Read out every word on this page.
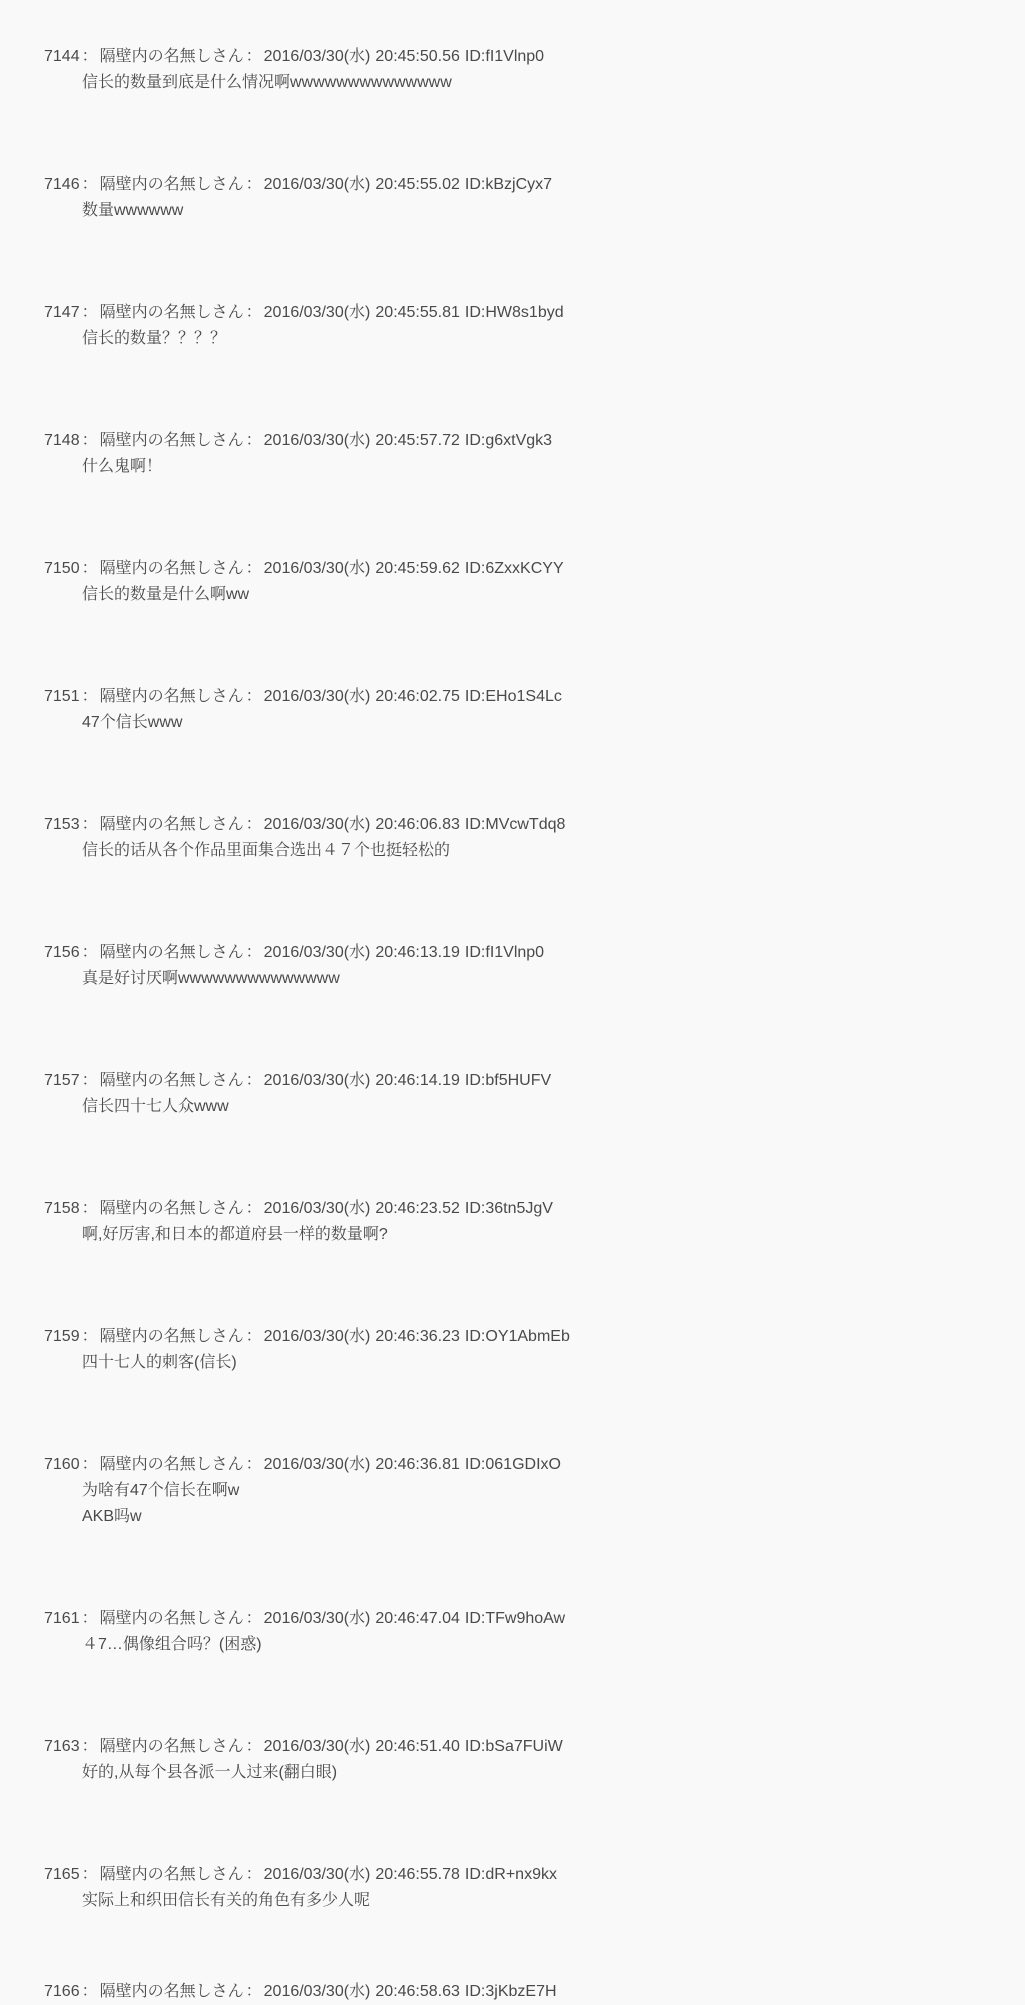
7144 ： 隔壁内の名無しさん ： 2016/03/30(水) 20:45:50.56 ID:fI1Vlnp0
信长的数量到底是什么情况啊wwwwwwwwwwwwww
7146 ： 隔壁内の名無しさん ： 2016/03/30(水) 20:45:55.02 ID:kBzjCyx7
数量wwwwww
7147 ： 隔壁内の名無しさん ： 2016/03/30(水) 20:45:55.81 ID:HW8s1byd
信长的数量？？？？
7148 ： 隔壁内の名無しさん ： 2016/03/30(水) 20:45:57.72 ID:g6xtVgk3
什么鬼啊！
7150 ： 隔壁内の名無しさん ： 2016/03/30(水) 20:45:59.62 ID:6ZxxKCYY
信长的数量是什么啊ww
7151 ： 隔壁内の名無しさん ： 2016/03/30(水) 20:46:02.75 ID:EHo1S4Lc
47个信长www
7153 ： 隔壁内の名無しさん ： 2016/03/30(水) 20:46:06.83 ID:MVcwTdq8
信长的话从各个作品里面集合选出４７个也挺轻松的
7156 ： 隔壁内の名無しさん ： 2016/03/30(水) 20:46:13.19 ID:fI1Vlnp0
真是好讨厌啊wwwwwwwwwwwwww
7157 ： 隔壁内の名無しさん ： 2016/03/30(水) 20:46:14.19 ID:bf5HUFV
信长四十七人众www
7158 ： 隔壁内の名無しさん ： 2016/03/30(水) 20:46:23.52 ID:36tn5JgV
啊,好厉害,和日本的都道府县一样的数量啊?
7159 ： 隔壁内の名無しさん ： 2016/03/30(水) 20:46:36.23 ID:OY1AbmEb
四十七人的刺客(信长)
7160 ： 隔壁内の名無しさん ： 2016/03/30(水) 20:46:36.81 ID:061GDIxO
为啥有47个信长在啊w
AKB吗w
7161 ： 隔壁内の名無しさん ： 2016/03/30(水) 20:46:47.04 ID:TFw9hoAw
４7…偶像组合吗？(困惑)
7163 ： 隔壁内の名無しさん ： 2016/03/30(水) 20:46:51.40 ID:bSa7FUiW
好的,从每个县各派一人过来(翻白眼)
7165 ： 隔壁内の名無しさん ： 2016/03/30(水) 20:46:55.78 ID:dR+nx9kx
实际上和织田信长有关的角色有多少人呢
7166 ： 隔壁内の名無しさん ： 2016/03/30(水) 20:46:58.63 ID:3jKbzE7H
